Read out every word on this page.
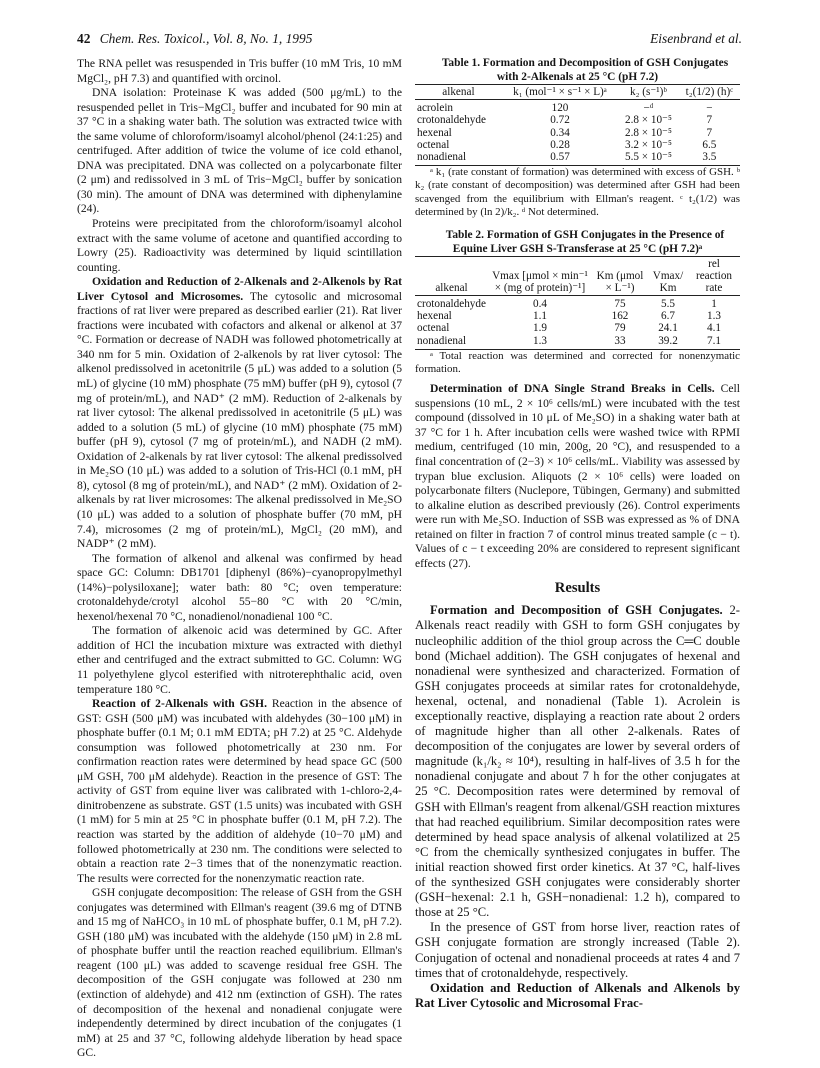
42 Chem. Res. Toxicol., Vol. 8, No. 1, 1995	Eisenbrand et al.

The RNA pellet was resuspended in Tris buffer (10 mM Tris, 10 mM MgCl₂, pH 7.3) and quantified with orcinol.

DNA isolation: Proteinase K was added (500 μg/mL) to the resuspended pellet in Tris−MgCl₂ buffer and incubated for 90 min at 37 °C in a shaking water bath. The solution was extracted twice with the same volume of chloroform/isoamyl alcohol/phenol (24:1:25) and centrifuged. After addition of twice the volume of ice cold ethanol, DNA was precipitated. DNA was collected on a polycarbonate filter (2 μm) and redissolved in 3 mL of Tris−MgCl₂ buffer by sonication (30 min). The amount of DNA was determined with diphenylamine (24).

Proteins were precipitated from the chloroform/isoamyl alcohol extract with the same volume of acetone and quantified according to Lowry (25). Radioactivity was determined by liquid scintillation counting.

Oxidation and Reduction of 2-Alkenals and 2-Alkenols by Rat Liver Cytosol and Microsomes. The cytosolic and microsomal fractions of rat liver were prepared as described earlier (21). Rat liver fractions were incubated with cofactors and alkenal or alkenol at 37 °C. Formation or decrease of NADH was followed photometrically at 340 nm for 5 min. Oxidation of 2-alkenols by rat liver cytosol: The alkenol predissolved in acetonitrile (5 μL) was added to a solution (5 mL) of glycine (10 mM) phosphate (75 mM) buffer (pH 9), cytosol (7 mg of protein/mL), and NAD⁺ (2 mM). Reduction of 2-alkenals by rat liver cytosol: The alkenal predissolved in acetonitrile (5 μL) was added to a solution (5 mL) of glycine (10 mM) phosphate (75 mM) buffer (pH 9), cytosol (7 mg of protein/mL), and NADH (2 mM). Oxidation of 2-alkenals by rat liver cytosol: The alkenal predissolved in Me₂SO (10 μL) was added to a solution of Tris-HCl (0.1 mM, pH 8), cytosol (8 mg of protein/mL), and NAD⁺ (2 mM). Oxidation of 2-alkenals by rat liver microsomes: The alkenal predissolved in Me₂SO (10 μL) was added to a solution of phosphate buffer (70 mM, pH 7.4), microsomes (2 mg of protein/mL), MgCl₂ (20 mM), and NADP⁺ (2 mM).

The formation of alkenol and alkenal was confirmed by head space GC: Column: DB1701 [diphenyl (86%)−cyanopropylmethyl (14%)−polysiloxane]; water bath: 80 °C; oven temperature: crotonaldehyde/crotyl alcohol 55−80 °C with 20 °C/min, hexenol/hexenal 70 °C, nonadienol/nonadienal 100 °C.

The formation of alkenoic acid was determined by GC. After addition of HCl the incubation mixture was extracted with diethyl ether and centrifuged and the extract submitted to GC. Column: WG 11 polyethylene glycol esterified with nitroterephthalic acid, oven temperature 180 °C.

Reaction of 2-Alkenals with GSH. Reaction in the absence of GST: GSH (500 μM) was incubated with aldehydes (30−100 μM) in phosphate buffer (0.1 M; 0.1 mM EDTA; pH 7.2) at 25 °C. Aldehyde consumption was followed photometrically at 230 nm. For confirmation reaction rates were determined by head space GC (500 μM GSH, 700 μM aldehyde). Reaction in the presence of GST: The activity of GST from equine liver was calibrated with 1-chloro-2,4-dinitrobenzene as substrate. GST (1.5 units) was incubated with GSH (1 mM) for 5 min at 25 °C in phosphate buffer (0.1 M, pH 7.2). The reaction was started by the addition of aldehyde (10−70 μM) and followed photometrically at 230 nm. The conditions were selected to obtain a reaction rate 2−3 times that of the nonenzymatic reaction. The results were corrected for the nonenzymatic reaction rate.

GSH conjugate decomposition: The release of GSH from the GSH conjugates was determined with Ellman's reagent (39.6 mg of DTNB and 15 mg of NaHCO₃ in 10 mL of phosphate buffer, 0.1 M, pH 7.2). GSH (180 μM) was incubated with the aldehyde (150 μM) in 2.8 mL of phosphate buffer until the reaction reached equilibrium. Ellman's reagent (100 μL) was added to scavenge residual free GSH. The decomposition of the GSH conjugate was followed at 230 nm (extinction of aldehyde) and 412 nm (extinction of GSH). The rates of decomposition of the hexenal and nonadienal conjugate were independently determined by direct incubation of the conjugates (1 mM) at 25 and 37 °C, following aldehyde liberation by head space GC.

Table 1. Formation and Decomposition of GSH Conjugates with 2-Alkenals at 25 °C (pH 7.2)

alkenal	k₁ (mol⁻¹ × s⁻¹ × L)ᵃ	k₂ (s⁻¹)ᵇ	t₂(1/2) (h)ᶜ
acrolein	120	−ᵈ	−
crotonaldehyde	0.72	2.8 × 10⁻⁵	7
hexenal	0.34	2.8 × 10⁻⁵	7
octenal	0.28	3.2 × 10⁻⁵	6.5
nonadienal	0.57	5.5 × 10⁻⁵	3.5

ᵃ k₁ (rate constant of formation) was determined with excess of GSH. ᵇ k₂ (rate constant of decomposition) was determined after GSH had been scavenged from the equilibrium with Ellman's reagent. ᶜ t₂(1/2) was determined by (ln 2)/k₂. ᵈ Not determined.

Table 2. Formation of GSH Conjugates in the Presence of Equine Liver GSH S-Transferase at 25 °C (pH 7.2)ᵃ

alkenal	Vmax [μmol × min⁻¹ × (mg of protein)⁻¹]	Km (μmol × L⁻¹)	Vmax/ Km	rel reaction rate
crotonaldehyde	0.4	75	5.5	1
hexenal	1.1	162	6.7	1.3
octenal	1.9	79	24.1	4.1
nonadienal	1.3	33	39.2	7.1

ᵃ Total reaction was determined and corrected for nonenzymatic formation.

Determination of DNA Single Strand Breaks in Cells. Cell suspensions (10 mL, 2 × 10⁶ cells/mL) were incubated with the test compound (dissolved in 10 μL of Me₂SO) in a shaking water bath at 37 °C for 1 h. After incubation cells were washed twice with RPMI medium, centrifuged (10 min, 200g, 20 °C), and resuspended to a final concentration of (2−3) × 10⁶ cells/mL. Viability was assessed by trypan blue exclusion. Aliquots (2 × 10⁶ cells) were loaded on polycarbonate filters (Nuclepore, Tübingen, Germany) and submitted to alkaline elution as described previously (26). Control experiments were run with Me₂SO. Induction of SSB was expressed as % of DNA retained on filter in fraction 7 of control minus treated sample (c − t). Values of c − t exceeding 20% are considered to represent significant effects (27).

Results

Formation and Decomposition of GSH Conjugates. 2-Alkenals react readily with GSH to form GSH conjugates by nucleophilic addition of the thiol group across the C═C double bond (Michael addition). The GSH conjugates of hexenal and nonadienal were synthesized and characterized. Formation of GSH conjugates proceeds at similar rates for crotonaldehyde, hexenal, octenal, and nonadienal (Table 1). Acrolein is exceptionally reactive, displaying a reaction rate about 2 orders of magnitude higher than all other 2-alkenals. Rates of decomposition of the conjugates are lower by several orders of magnitude (k₁/k₂ ≈ 10⁴), resulting in half-lives of 3.5 h for the nonadienal conjugate and about 7 h for the other conjugates at 25 °C. Decomposition rates were determined by removal of GSH with Ellman's reagent from alkenal/GSH reaction mixtures that had reached equilibrium. Similar decomposition rates were determined by head space analysis of alkenal volatilized at 25 °C from the chemically synthesized conjugates in buffer. The initial reaction showed first order kinetics. At 37 °C, half-lives of the synthesized GSH conjugates were considerably shorter (GSH−hexenal: 2.1 h, GSH−nonadienal: 1.2 h), compared to those at 25 °C.

In the presence of GST from horse liver, reaction rates of GSH conjugate formation are strongly increased (Table 2). Conjugation of octenal and nonadienal proceeds at rates 4 and 7 times that of crotonaldehyde, respectively.

Oxidation and Reduction of Alkenals and Alkenols by Rat Liver Cytosolic and Microsomal Frac-
